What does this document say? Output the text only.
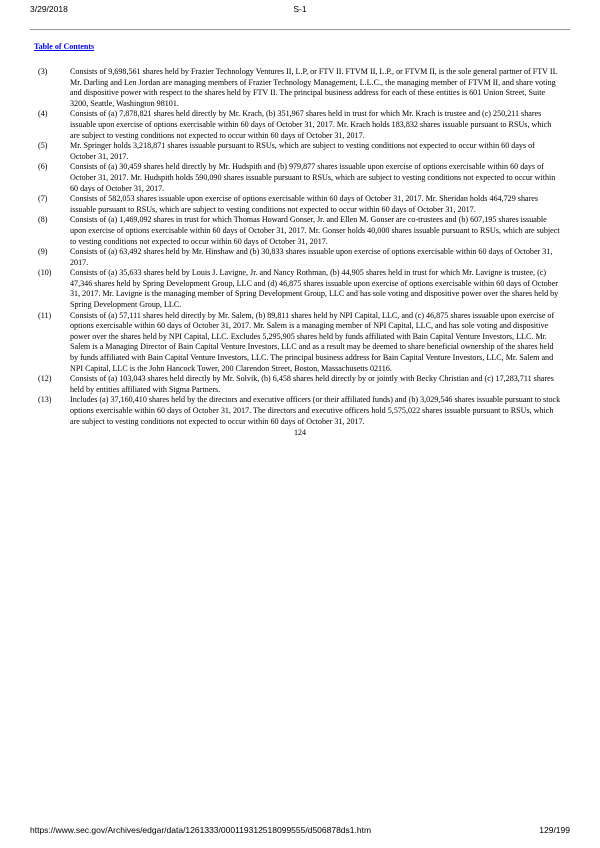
3/29/2018	S-1
Table of Contents
(3)	Consists of 9,698,561 shares held by Frazier Technology Ventures II, L.P, or FTV II. FTVM II, L.P., or FTVM II, is the sole general partner of FTV II. Mr. Darling and Len Jordan are managing members of Frazier Technology Management, L.L.C., the managing member of FTVM II, and share voting and dispositive power with respect to the shares held by FTV II. The principal business address for each of these entities is 601 Union Street, Suite 3200, Seattle, Washington 98101.
(4)	Consists of (a) 7,878,821 shares held directly by Mr. Krach, (b) 351,967 shares held in trust for which Mr. Krach is trustee and (c) 250,211 shares issuable upon exercise of options exercisable within 60 days of October 31, 2017. Mr. Krach holds 183,832 shares issuable pursuant to RSUs, which are subject to vesting conditions not expected to occur within 60 days of October 31, 2017.
(5)	Mr. Springer holds 3,218,871 shares issuable pursuant to RSUs, which are subject to vesting conditions not expected to occur within 60 days of October 31, 2017.
(6)	Consists of (a) 30,459 shares held directly by Mr. Hudspith and (b) 979,877 shares issuable upon exercise of options exercisable within 60 days of October 31, 2017. Mr. Hudspith holds 590,090 shares issuable pursuant to RSUs, which are subject to vesting conditions not expected to occur within 60 days of October 31, 2017.
(7)	Consists of 582,053 shares issuable upon exercise of options exercisable within 60 days of October 31, 2017. Mr. Sheridan holds 464,729 shares issuable pursuant to RSUs, which are subject to vesting conditions not expected to occur within 60 days of October 31, 2017.
(8)	Consists of (a) 1,469,092 shares in trust for which Thomas Howard Gonser, Jr. and Ellen M. Gonser are co-trustees and (b) 607,195 shares issuable upon exercise of options exercisable within 60 days of October 31, 2017. Mr. Gonser holds 40,000 shares issuable pursuant to RSUs, which are subject to vesting conditions not expected to occur within 60 days of October 31, 2017.
(9)	Consists of (a) 63,492 shares held by Mr. Hinshaw and (b) 30,833 shares issuable upon exercise of options exercisable within 60 days of October 31, 2017.
(10)	Consists of (a) 35,633 shares held by Louis J. Lavigne, Jr. and Nancy Rothman, (b) 44,905 shares held in trust for which Mr. Lavigne is trustee, (c) 47,346 shares held by Spring Development Group, LLC and (d) 46,875 shares issuable upon exercise of options exercisable within 60 days of October 31, 2017. Mr. Lavigne is the managing member of Spring Development Group, LLC and has sole voting and dispositive power over the shares held by Spring Development Group, LLC.
(11)	Consists of (a) 57,111 shares held directly by Mr. Salem, (b) 89,811 shares held by NPI Capital, LLC, and (c) 46,875 shares issuable upon exercise of options exercisable within 60 days of October 31, 2017. Mr. Salem is a managing member of NPI Capital, LLC, and has sole voting and dispositive power over the shares held by NPI Capital, LLC. Excludes 5,295,905 shares held by funds affiliated with Bain Capital Venture Investors, LLC. Mr. Salem is a Managing Director of Bain Capital Venture Investors, LLC and as a result may be deemed to share beneficial ownership of the shares held by funds affiliated with Bain Capital Venture Investors, LLC. The principal business address for Bain Capital Venture Investors, LLC, Mr. Salem and NPI Capital, LLC is the John Hancock Tower, 200 Clarendon Street, Boston, Massachusetts 02116.
(12)	Consists of (a) 103,043 shares held directly by Mr. Solvik, (b) 6,458 shares held directly by or jointly with Becky Christian and (c) 17,283,711 shares held by entities affiliated with Sigma Partners.
(13)	Includes (a) 37,160,410 shares held by the directors and executive officers (or their affiliated funds) and (b) 3,029,546 shares issuable pursuant to stock options exercisable within 60 days of October 31, 2017. The directors and executive officers hold 5,575,022 shares issuable pursuant to RSUs, which are subject to vesting conditions not expected to occur within 60 days of October 31, 2017.
124
https://www.sec.gov/Archives/edgar/data/1261333/000119312518099555/d506878ds1.htm	129/199
